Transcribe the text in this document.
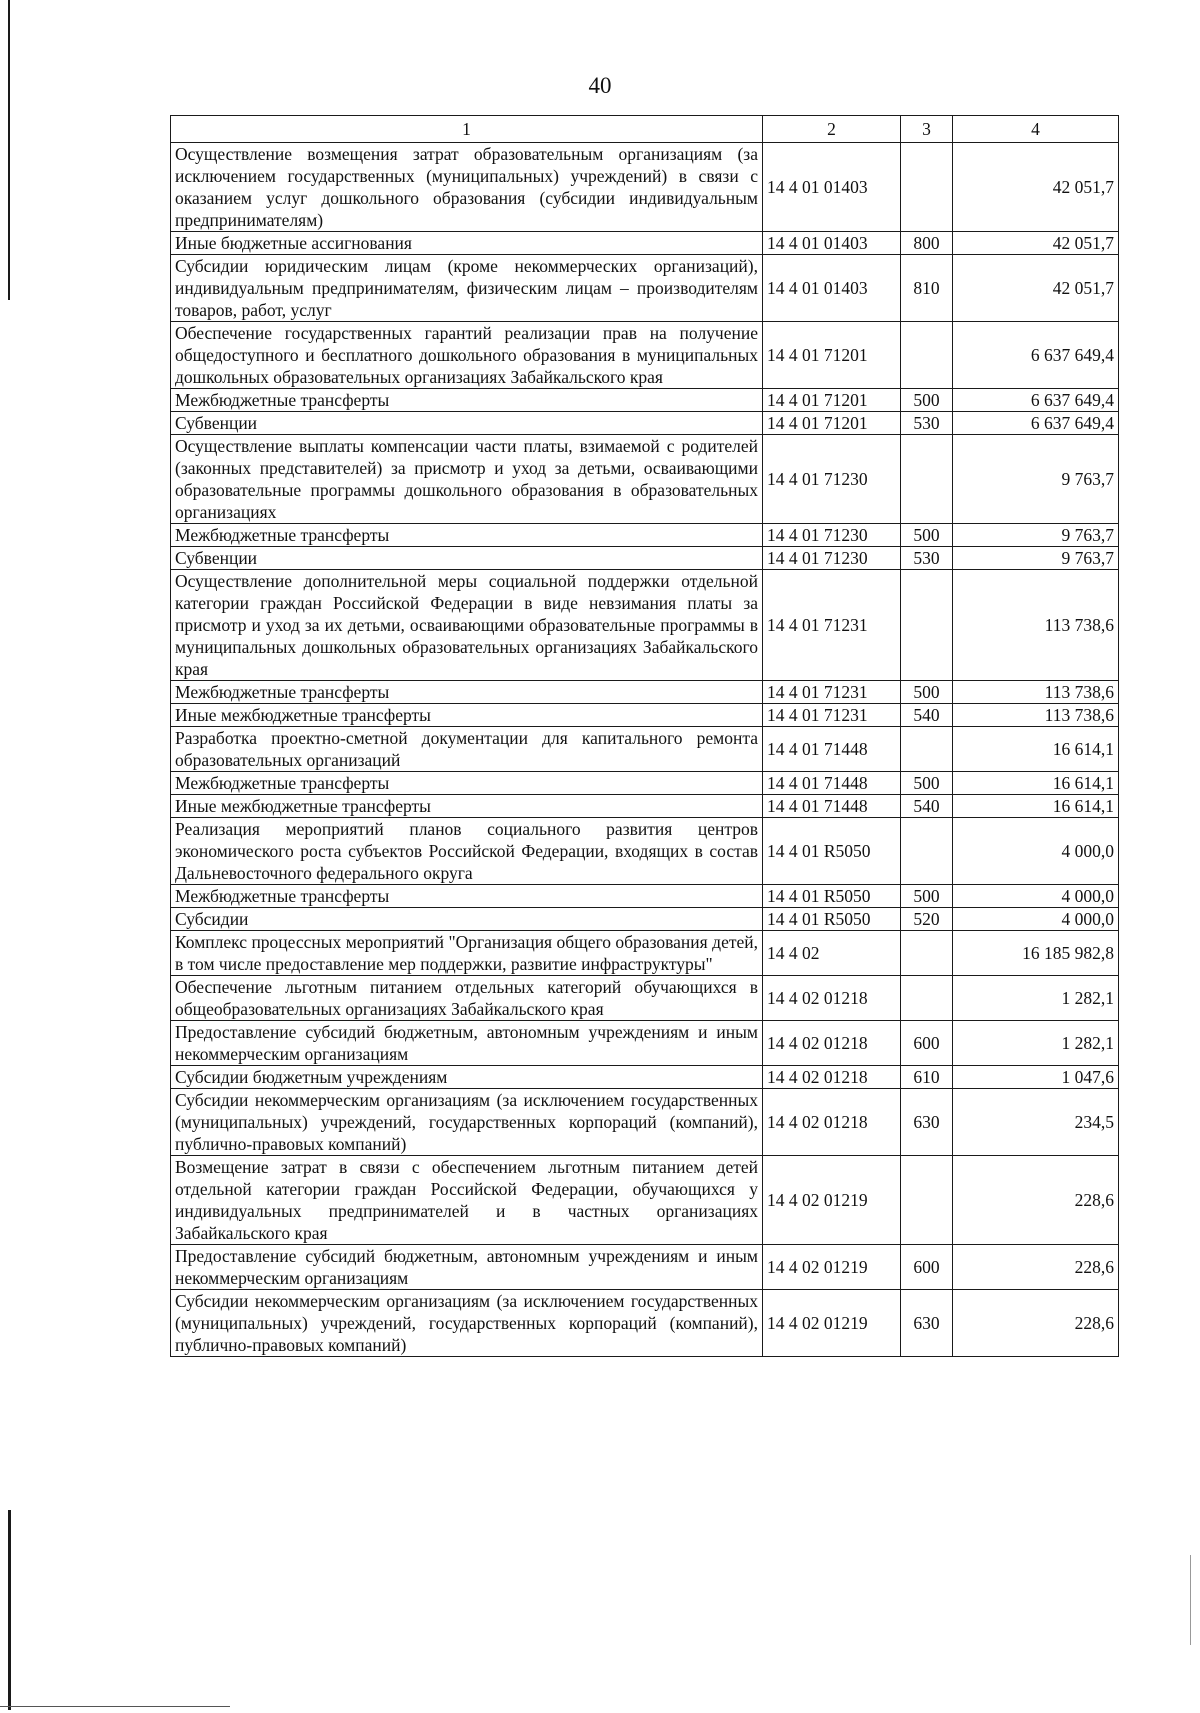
40
1	2	3	4
Осуществление возмещения затрат образовательным организациям (за исключением государственных (муниципальных) учреждений) в связи с оказанием услуг дошкольного образования (субсидии индивидуальным предпринимателям)	14 4 01 01403		42 051,7
Иные бюджетные ассигнования	14 4 01 01403	800	42 051,7
Субсидии юридическим лицам (кроме некоммерческих организаций), индивидуальным предпринимателям, физическим лицам – производителям товаров, работ, услуг	14 4 01 01403	810	42 051,7
Обеспечение государственных гарантий реализации прав на получение общедоступного и бесплатного дошкольного образования в муниципальных дошкольных образовательных организациях Забайкальского края	14 4 01 71201		6 637 649,4
Межбюджетные трансферты	14 4 01 71201	500	6 637 649,4
Субвенции	14 4 01 71201	530	6 637 649,4
Осуществление выплаты компенсации части платы, взимаемой с родителей (законных представителей) за присмотр и уход за детьми, осваивающими образовательные программы дошкольного образования в образовательных организациях	14 4 01 71230		9 763,7
Межбюджетные трансферты	14 4 01 71230	500	9 763,7
Субвенции	14 4 01 71230	530	9 763,7
Осуществление дополнительной меры социальной поддержки отдельной категории граждан Российской Федерации в виде невзимания платы за присмотр и уход за их детьми, осваивающими образовательные программы в муниципальных дошкольных образовательных организациях Забайкальского края	14 4 01 71231		113 738,6
Межбюджетные трансферты	14 4 01 71231	500	113 738,6
Иные межбюджетные трансферты	14 4 01 71231	540	113 738,6
Разработка проектно-сметной документации для капитального ремонта образовательных организаций	14 4 01 71448		16 614,1
Межбюджетные трансферты	14 4 01 71448	500	16 614,1
Иные межбюджетные трансферты	14 4 01 71448	540	16 614,1
Реализация мероприятий планов социального развития центров экономического роста субъектов Российской Федерации, входящих в состав Дальневосточного федерального округа	14 4 01 R5050		4 000,0
Межбюджетные трансферты	14 4 01 R5050	500	4 000,0
Субсидии	14 4 01 R5050	520	4 000,0
Комплекс процессных мероприятий "Организация общего образования детей, в том числе предоставление мер поддержки, развитие инфраструктуры"	14 4 02		16 185 982,8
Обеспечение льготным питанием отдельных категорий обучающихся в общеобразовательных организациях Забайкальского края	14 4 02 01218		1 282,1
Предоставление субсидий бюджетным, автономным учреждениям и иным некоммерческим организациям	14 4 02 01218	600	1 282,1
Субсидии бюджетным учреждениям	14 4 02 01218	610	1 047,6
Субсидии некоммерческим организациям (за исключением государственных (муниципальных) учреждений, государственных корпораций (компаний), публично-правовых компаний)	14 4 02 01218	630	234,5
Возмещение затрат в связи с обеспечением льготным питанием детей отдельной категории граждан Российской Федерации, обучающихся у индивидуальных предпринимателей и в частных организациях Забайкальского края	14 4 02 01219		228,6
Предоставление субсидий бюджетным, автономным учреждениям и иным некоммерческим организациям	14 4 02 01219	600	228,6
Субсидии некоммерческим организациям (за исключением государственных (муниципальных) учреждений, государственных корпораций (компаний), публично-правовых компаний)	14 4 02 01219	630	228,6
